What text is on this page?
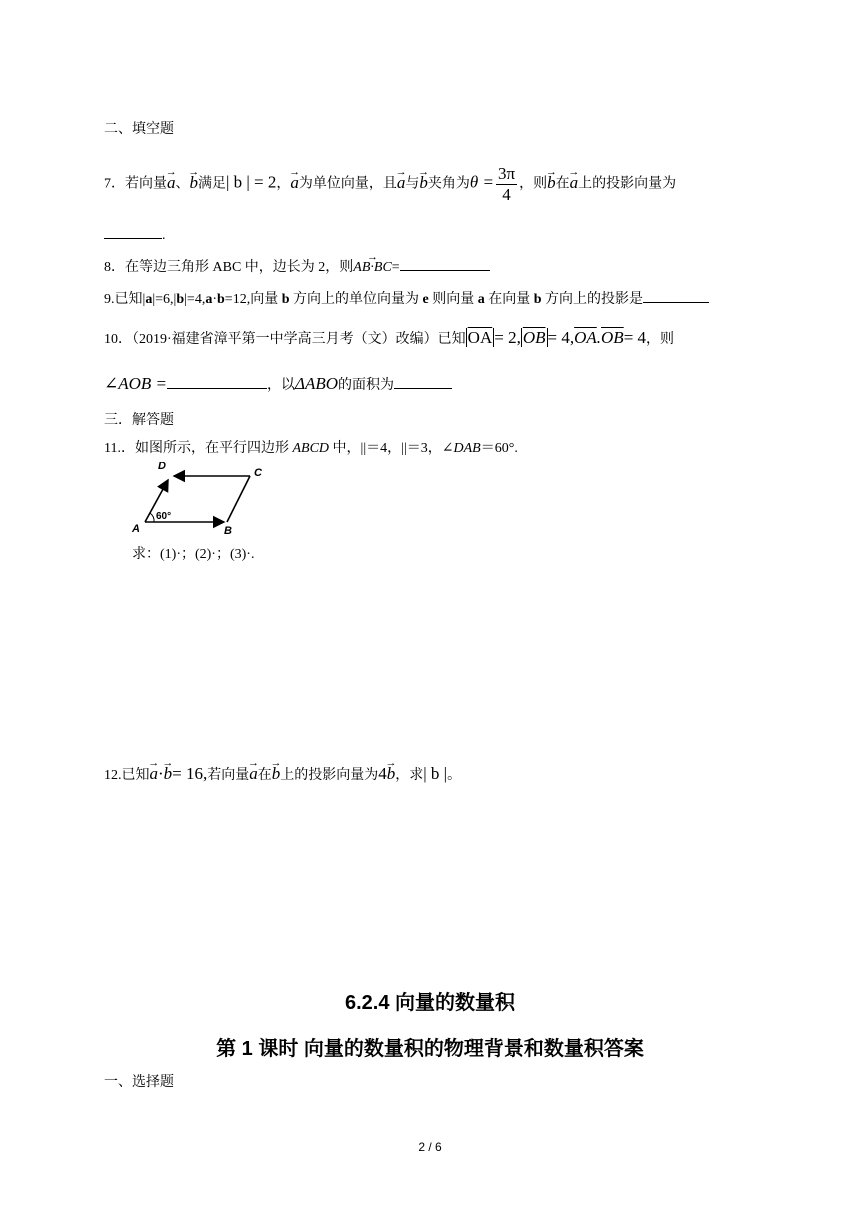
二、填空题
7．若向量→ a、→ b满足| b | = 2，→ a为单位向量，且→ a与→ b夹角为$\theta = \frac{3\pi}{4}$ ，则→ b在→ a上的投影向量为
.
8．在等边三角形 ABC 中，边长为 2，则→ AB·BC=
9.已知|a|=6,|b|=4,a·b=12,向量 b 方向上的单位向量为 e 则向量 a 在向量 b 方向上的投影是
10．（2019·福建省漳平第一中学高三月考（文）改编）已知 $\overline{OA} = 2$, $\overline{OB} = 4,\overline{OA}.\overline{OB}= 4$，则
∠AOB =	，以ΔABO的面积为
三．解答题
11.．如图所示，在平行四边形 ABCD 中，||＝4，||＝3，∠DAB＝60°.
D
C
A	B
60°
求：(1)·；(2)·；(3)·.
12.已知→ a·→ b= 16,若向量→ a在→ b上的投影向量为4→ b，求| b |。
6.2.4 向量的数量积
第 1 课时 向量的数量积的物理背景和数量积答案
一、选择题
2 / 6
